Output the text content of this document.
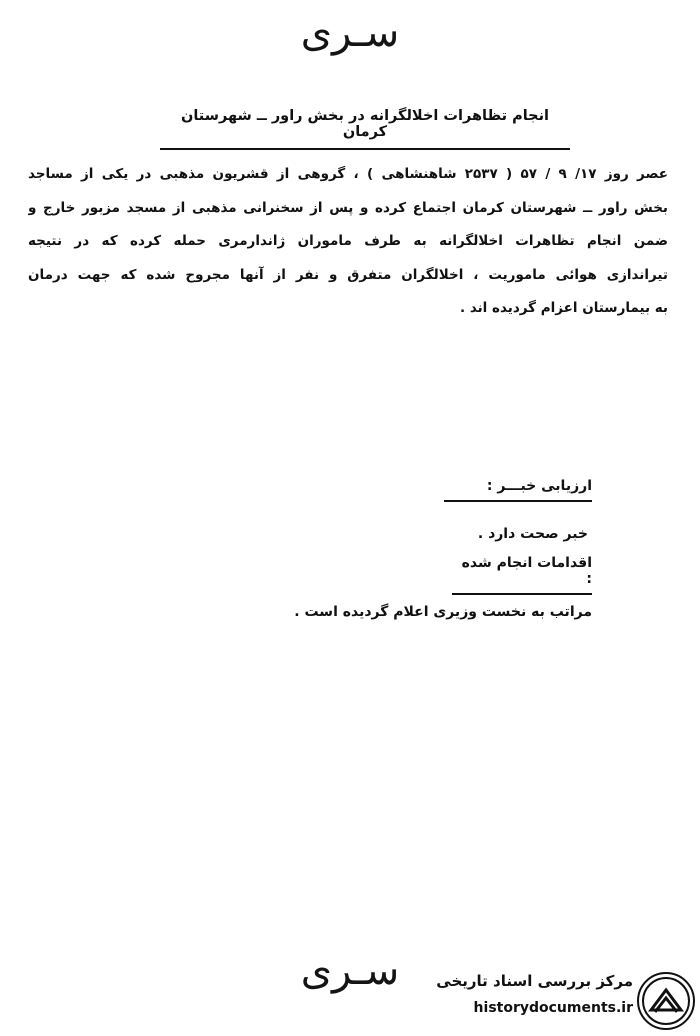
سـری
انجام تظاهرات اخلالگرانه در بخش راور ــ شهرستان کرمان
عصر روز ۱۷/ ۹ / ۵۷ ( ۲۵۳۷ شاهنشاهی ) ، گروهی از قشریون مذهبی در یکی از مساجد
بخش راور ــ شهرستان کرمان اجتماع کرده و پس از سخنرانی مذهبی از مسجد مزبور خارج و
ضمن انجام تظاهرات اخلالگرانه به طرف ماموران ژاندارمری حمله کرده که در نتیجه
تیراندازی هوائی ماموریت ، اخلالگران متفرق و نفر از آنها مجروح شده که جهت درمان
به بیمارستان اعزام گردیده اند .
ارزیابی خبـــر :
خبر صحت دارد .
اقدامات انجام شده :
مراتب به نخست وزیری اعلام گردیده است .
سـری	مرکز بررسی اسناد تاریخی
historydocuments.ir
